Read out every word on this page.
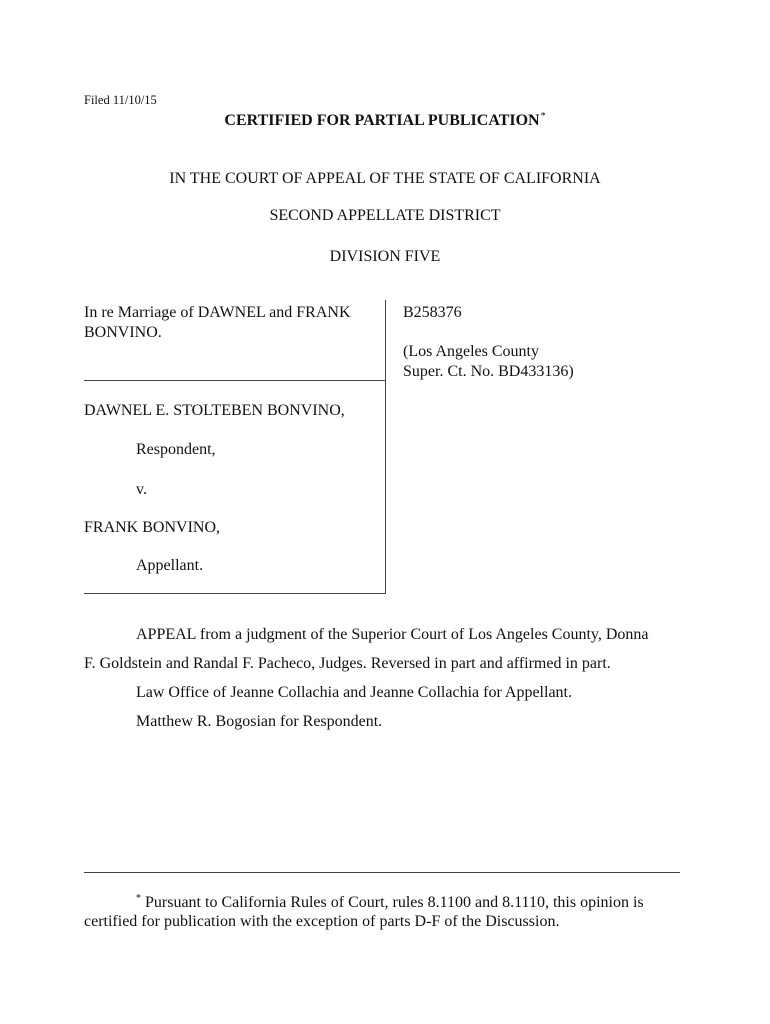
Filed 11/10/15
CERTIFIED FOR PARTIAL PUBLICATION*
IN THE COURT OF APPEAL OF THE STATE OF CALIFORNIA
SECOND APPELLATE DISTRICT
DIVISION FIVE
In re Marriage of DAWNEL and FRANK
BONVINO.
DAWNEL E. STOLTEBEN BONVINO,
Respondent,
v.
FRANK BONVINO,
Appellant.
B258376
(Los Angeles County
Super. Ct. No. BD433136)
APPEAL from a judgment of the Superior Court of Los Angeles County, Donna
F. Goldstein and Randal F. Pacheco, Judges. Reversed in part and affirmed in part.
Law Office of Jeanne Collachia and Jeanne Collachia for Appellant.
Matthew R. Bogosian for Respondent.
* Pursuant to California Rules of Court, rules 8.1100 and 8.1110, this opinion is
certified for publication with the exception of parts D-F of the Discussion.
